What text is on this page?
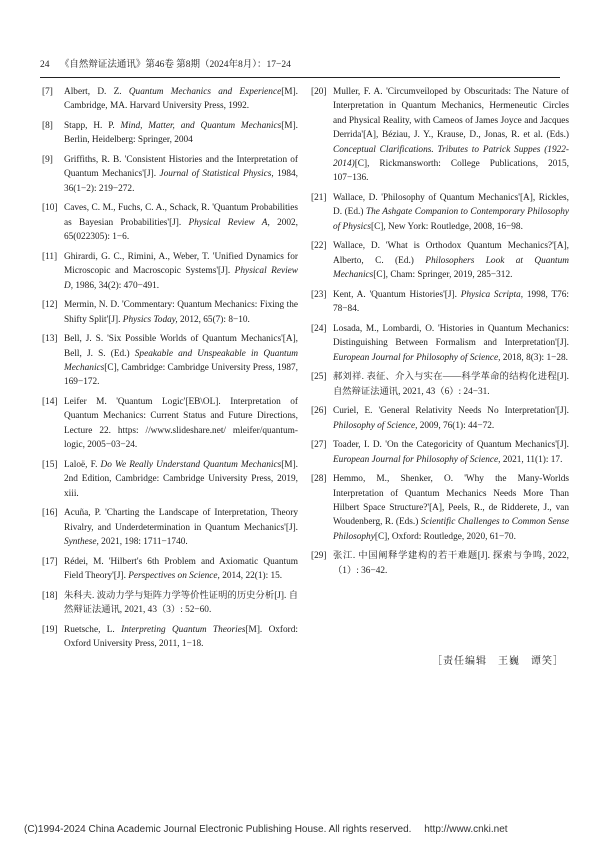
24 《自然辩证法通讯》第46卷 第8期（2024年8月）：17−24
[7] Albert, D. Z. Quantum Mechanics and Experience[M]. Cambridge, MA. Harvard University Press, 1992.
[8] Stapp, H. P. Mind, Matter, and Quantum Mechanics[M]. Berlin, Heidelberg: Springer, 2004
[9] Griffiths, R. B. 'Consistent Histories and the Interpretation of Quantum Mechanics'[J]. Journal of Statistical Physics, 1984, 36(1−2): 219−272.
[10] Caves, C. M., Fuchs, C. A., Schack, R. 'Quantum Probabilities as Bayesian Probabilities'[J]. Physical Review A, 2002, 65(022305): 1−6.
[11] Ghirardi, G. C., Rimini, A., Weber, T. 'Unified Dynamics for Microscopic and Macroscopic Systems'[J]. Physical Review D, 1986, 34(2): 470−491.
[12] Mermin, N. D. 'Commentary: Quantum Mechanics: Fixing the Shifty Split'[J]. Physics Today, 2012, 65(7): 8−10.
[13] Bell, J. S. 'Six Possible Worlds of Quantum Mechanics'[A], Bell, J. S. (Ed.) Speakable and Unspeakable in Quantum Mechanics[C], Cambridge: Cambridge University Press, 1987, 169−172.
[14] Leifer M. 'Quantum Logic'[EB\OL]. Interpretation of Quantum Mechanics: Current Status and Future Directions, Lecture 22. https: //www.slideshare.net/ mleifer/quantum-logic, 2005−03−24.
[15] Laloë, F. Do We Really Understand Quantum Mechanics[M]. 2nd Edition, Cambridge: Cambridge University Press, 2019, xiii.
[16] Acuña, P. 'Charting the Landscape of Interpretation, Theory Rivalry, and Underdetermination in Quantum Mechanics'[J]. Synthese, 2021, 198: 1711−1740.
[17] Rédei, M. 'Hilbert's 6th Problem and Axiomatic Quantum Field Theory'[J]. Perspectives on Science, 2014, 22(1): 15.
[18] 朱科夫. 波动力学与矩阵力学等价性证明的历史分析[J]. 自然辩证法通讯, 2021, 43（3）: 52−60.
[19] Ruetsche, L. Interpreting Quantum Theories[M]. Oxford: Oxford University Press, 2011, 1−18.
[20] Muller, F. A. 'Circumveiloped by Obscuritads: The Nature of Interpretation in Quantum Mechanics, Hermeneutic Circles and Physical Reality, with Cameos of James Joyce and Jacques Derrida'[A], Béziau, J. Y., Krause, D., Jonas, R. et al. (Eds.) Conceptual Clarifications. Tributes to Patrick Suppes (1922-2014)[C], Rickmansworth: College Publications, 2015, 107−136.
[21] Wallace, D. 'Philosophy of Quantum Mechanics'[A], Rickles, D. (Ed.) The Ashgate Companion to Contemporary Philosophy of Physics[C], New York: Routledge, 2008, 16−98.
[22] Wallace, D. 'What is Orthodox Quantum Mechanics?'[A], Alberto, C. (Ed.) Philosophers Look at Quantum Mechanics[C], Cham: Springer, 2019, 285−312.
[23] Kent, A. 'Quantum Histories'[J]. Physica Scripta, 1998, T76: 78−84.
[24] Losada, M., Lombardi, O. 'Histories in Quantum Mechanics: Distinguishing Between Formalism and Interpretation'[J]. European Journal for Philosophy of Science, 2018, 8(3): 1−28.
[25] 郝刘祥. 表征、介入与实在——科学革命的结构化进程[J]. 自然辩证法通讯, 2021, 43（6）: 24−31.
[26] Curiel, E. 'General Relativity Needs No Interpretation'[J]. Philosophy of Science, 2009, 76(1): 44−72.
[27] Toader, I. D. 'On the Categoricity of Quantum Mechanics'[J]. European Journal for Philosophy of Science, 2021, 11(1): 17.
[28] Hemmo, M., Shenker, O. 'Why the Many-Worlds Interpretation of Quantum Mechanics Needs More Than Hilbert Space Structure?'[A], Peels, R., de Ridderete, J., van Woudenberg, R. (Eds.) Scientific Challenges to Common Sense Philosophy[C], Oxford: Routledge, 2020, 61−70.
[29] 张江. 中国阐释学建构的若干难题[J]. 探索与争鸣, 2022,（1）: 36−42.
［责任编辑　王巍　谭笑］
(C)1994-2024 China Academic Journal Electronic Publishing House. All rights reserved. http://www.cnki.net
